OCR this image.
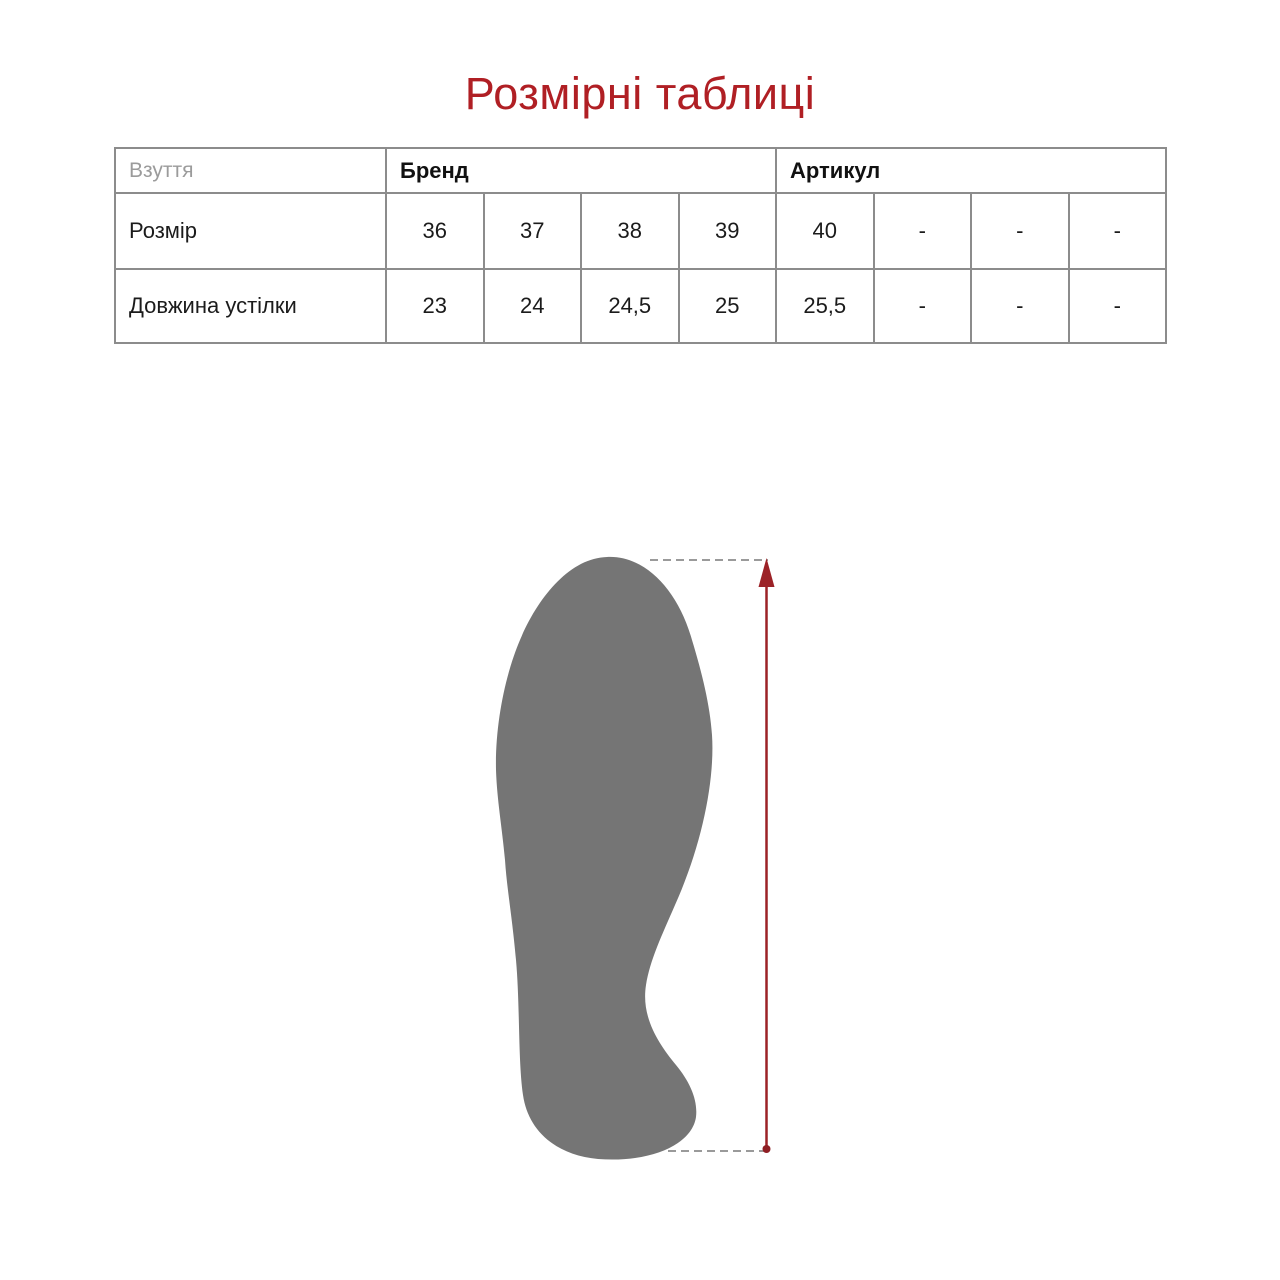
Розмірні таблиці
Взуття	Бренд				Артикул			
Розмір	36	37	38	39	40	-	-	-
Довжина устілки	23	24	24,5	25	25,5	-	-	-
